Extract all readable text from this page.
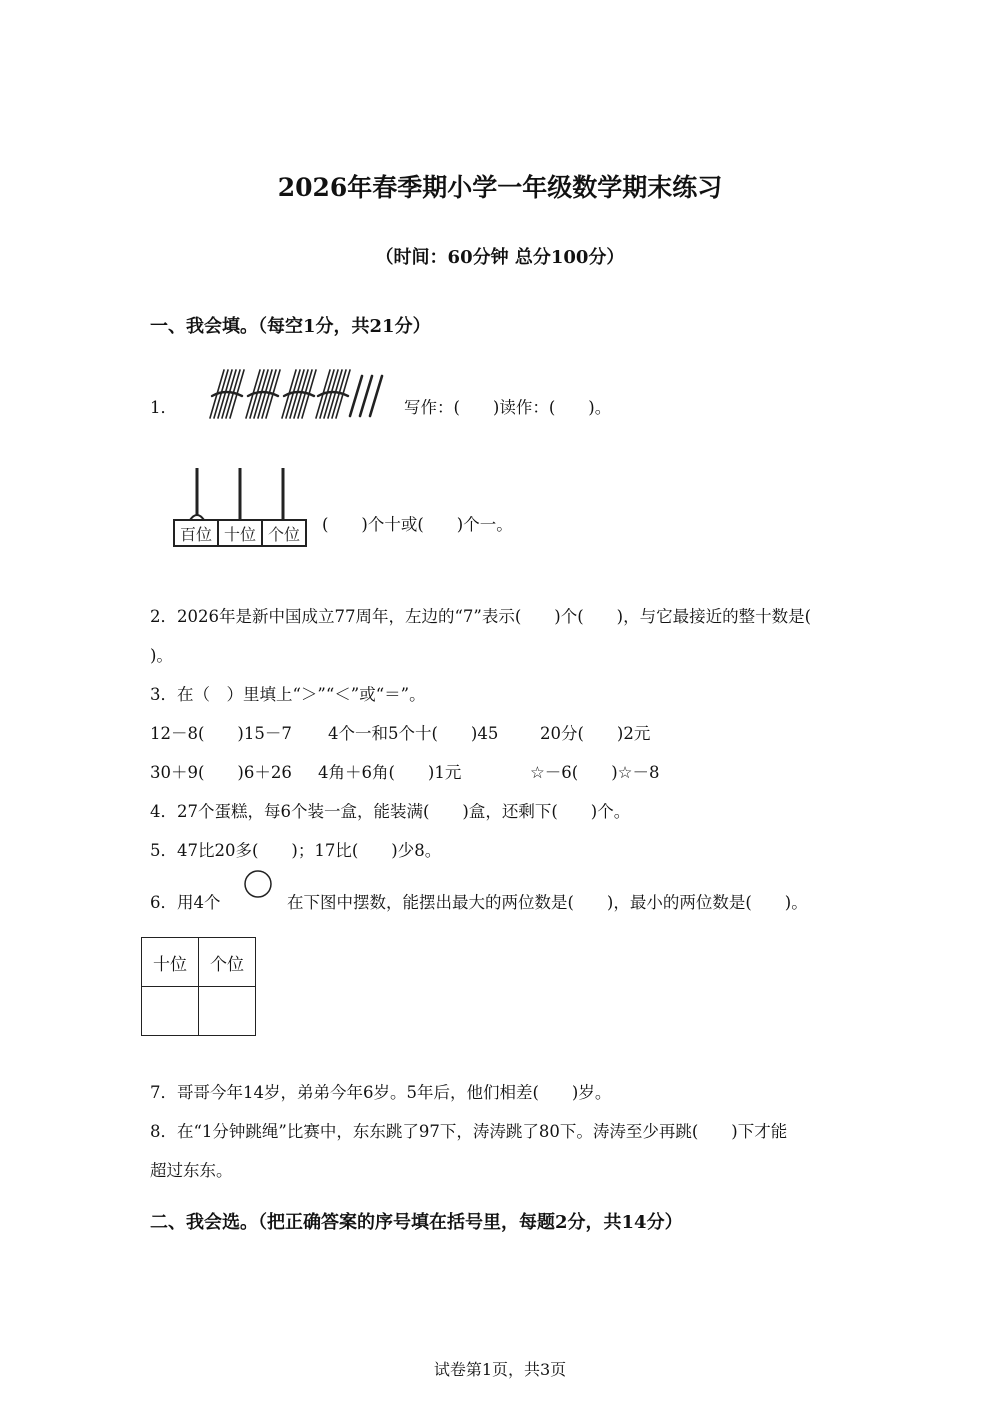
2026年春季期小学一年级数学期末练习
（时间：60分钟 总分100分）
一、我会填。（每空1分，共21分）
1．	写作：(　　)读作：(　　)。
百位 十位 个位
(　　)个十或(　　)个一。
2．2026年是新中国成立77周年，左边的“7”表示(　　)个(　　)，与它最接近的整十数是(
)。
3．在（　）里填上“＞”“＜”或“＝”。
12－8(　　)15－7 4个一和5个十(　　)45	20分(　　)2元
30＋9(　　)6＋26 4角＋6角(　　)1元	☆－6(　　)☆－8
4．27个蛋糕，每6个装一盒，能装满(　　)盒，还剩下(　　)个。
5．47比20多(　　)；17比(　　)少8。
6．用4个	在下图中摆数，能摆出最大的两位数是(　　)，最小的两位数是(　　)。
十位	个位

7．哥哥今年14岁，弟弟今年6岁。5年后，他们相差(　　)岁。
8．在“1分钟跳绳”比赛中，东东跳了97下，涛涛跳了80下。涛涛至少再跳(　　)下才能
超过东东。
二、我会选。（把正确答案的序号填在括号里，每题2分，共14分）
试卷第1页，共3页
